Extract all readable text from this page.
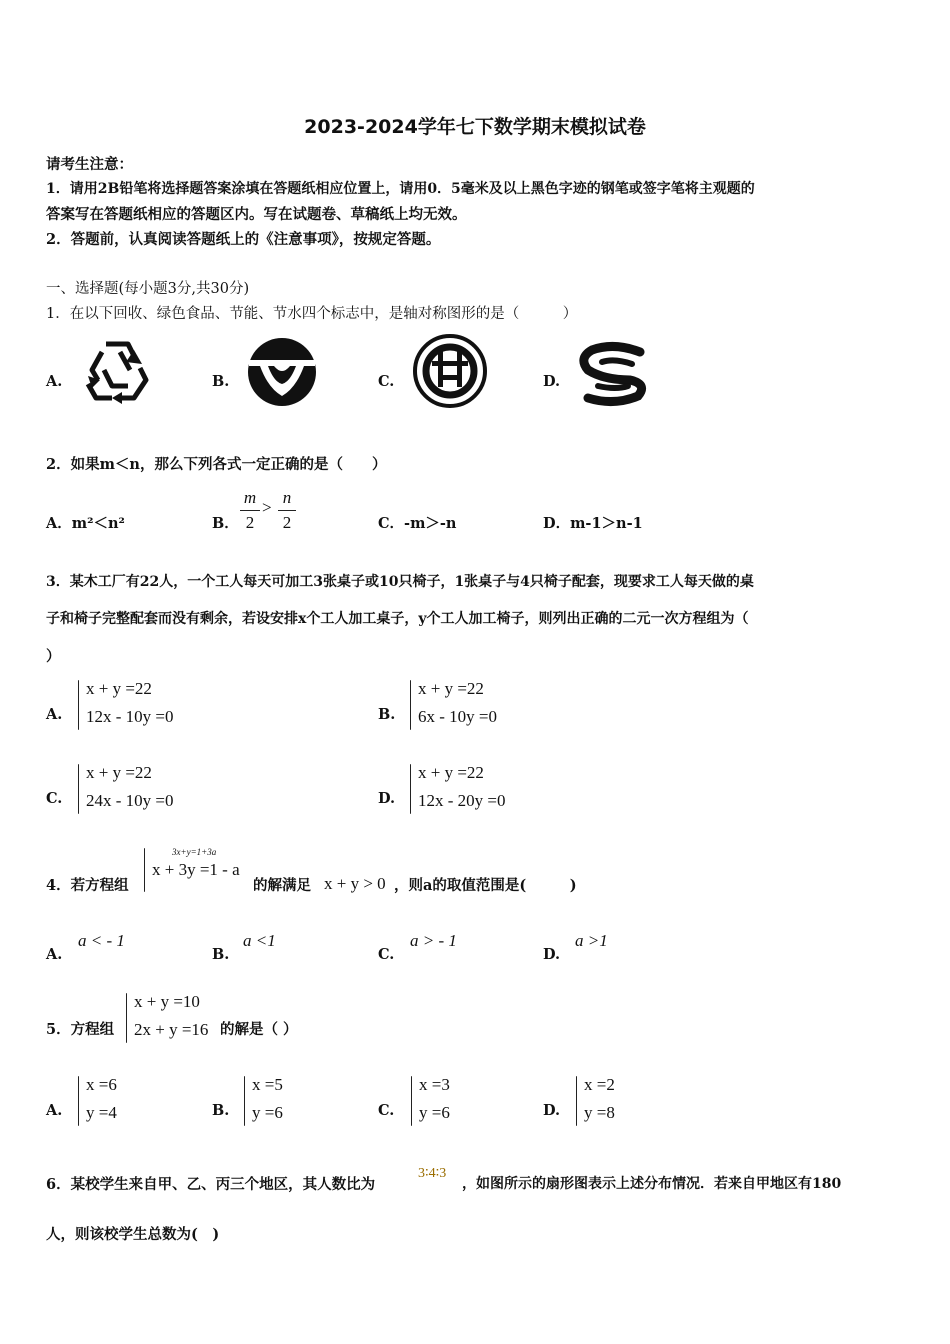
2023-2024学年七下数学期末模拟试卷
请考生注意：
1．请用2B铅笔将选择题答案涂填在答题纸相应位置上，请用0．5毫米及以上黑色字迹的钢笔或签字笔将主观题的
答案写在答题纸相应的答题区内。写在试题卷、草稿纸上均无效。
2．答题前，认真阅读答题纸上的《注意事项》，按规定答题。
一、选择题(每小题3分,共30分)
1．在以下回收、绿色食品、节能、节水四个标志中，是轴对称图形的是（　　　）
A.	B.	C.	D.
2．如果m＜n，那么下列各式一定正确的是（　　）
A．m²＜n²	B．
m
2
>
n
2	C．-m＞-n	D．m-1＞n-1
3．某木工厂有22人，一个工人每天可加工3张桌子或10只椅子，1张桌子与4只椅子配套，现要求工人每天做的桌
子和椅子完整配套而没有剩余，若设安排x个工人加工桌子，y个工人加工椅子，则列出正确的二元一次方程组为（
）
A.
x + y =22
12x - 10y =0	B.
x + y =22
6x - 10y =0
C.
x + y =22
24x - 10y =0	D.
x + y =22
12x - 20y =0
4．若方程组
3x+y=1+3a
x + 3y =1 - a
的解满足 x + y > 0 ，则a的取值范围是(　　　)
A.
a < - 1
B.
a <1
C.
a > - 1
D.
a >1
5．方程组
x + y =10
2x + y =16 的解是（ ）
A.
x =6
y =4	B.
x =5
y =6	C.
x =3
y =6	D.
x =2
y =8
6．某校学生来自甲、乙、丙三个地区，其人数比为
3∶4∶3
，如图所示的扇形图表示上述分布情况．若来自甲地区有180
人，则该校学生总数为(　)
